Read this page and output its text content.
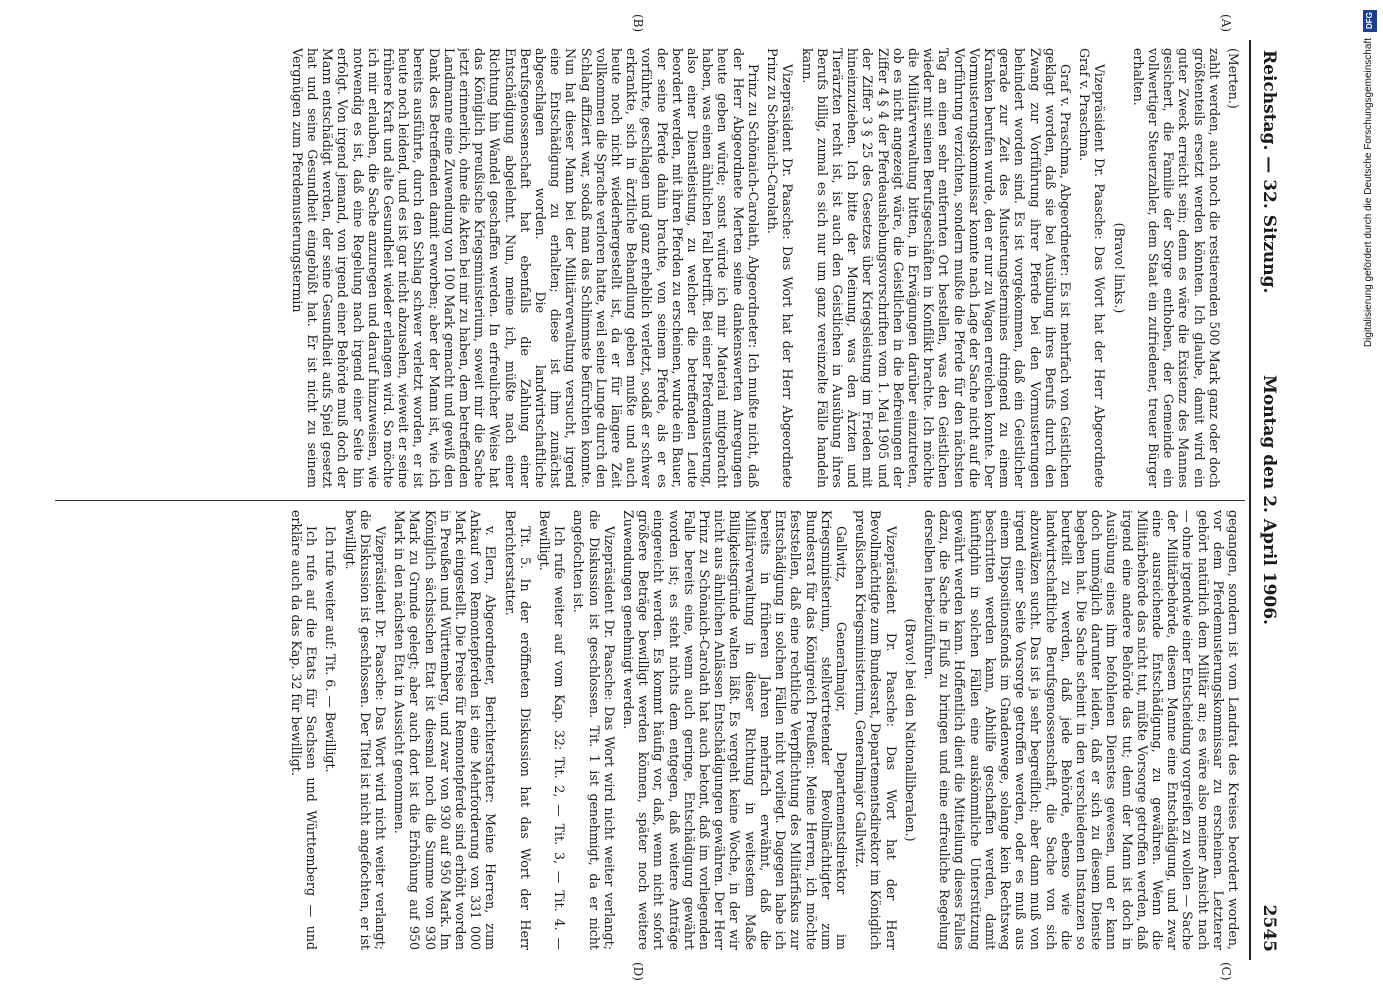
Reichstag. — 32. Sitzung.
Montag den 2. April 1906.
2545

(Merten.)

zahlt werden, auch noch die restierenden 500 Mark ganz oder doch größtenteils ersetzt werden könnten. Ich glaube, damit wird ein guter Zweck erreicht sein; denn es wäre die Existenz des Mannes gesichert, die Familie der Sorge enthoben, der Gemeinde ein vollwertiger Steuerzahler, dem Staat ein zufriedener, treuer Bürger erhalten.

(Bravo! links.)

Vizepräsident Dr. Paasche: Das Wort hat der Herr Abgeordnete Graf v. Praschma.

Graf v. Praschma, Abgeordneter: Es ist mehrfach von Geistlichen geklagt worden, daß sie bei Ausübung ihres Berufs durch den Zwang zur Vorführung ihrer Pferde bei den Vormusterungen behindert worden sind. Es ist vorgekommen, daß ein Geistlicher gerade zur Zeit des Musterungstermines dringend zu einem Kranken berufen wurde, den er nur zu Wagen erreichen konnte. Der Vormusterungskommissar konnte nach Lage der Sache nicht auf die Vorführung verzichten, sondern mußte die Pferde für den nächsten Tag an einen sehr entfernten Ort bestellen, was den Geistlichen wieder mit seinen Berufsgeschäften in Konflikt brachte. Ich möchte die Militärverwaltung bitten, in Erwägungen darüber einzutreten, ob es nicht angezeigt wäre, die Geistlichen in die Befreiungen der Ziffer 4 § 4 der Pferdeaushebungsvorschriften vom 1. Mai 1905 und der Ziffer 3 § 25 des Gesetzes über Kriegsleistung im Frieden mit hineinzuziehen. Ich bitte der Meinung, was den Ärzten und Tierärzten recht ist, ist auch den Geistlichen in Ausübung ihres Berufs billig, zumal es sich nur um ganz vereinzelte Fälle handeln kann.

Vizepräsident Dr. Paasche: Das Wort hat der Herr Abgeordnete Prinz zu Schönaich-Carolath.

Prinz zu Schönaich-Carolath, Abgeordneter: Ich mußte nicht, daß der Herr Abgeordnete Merten seine dankenswerten Anregungen heute geben würde; sonst würde ich mir Material mitgebracht haben, was einen ähnlichen Fall betrifft. Bei einer Pferdemusterung, also einer Dienstleistung, zu welcher die betreffenden Leute beordert werden, mit ihren Pferden zu erscheinen, wurde ein Bauer, der seine Pferde dahin brachte, von seinem Pferde, als er es vorführte, geschlagen und ganz erheblich verletzt, sodaß er schwer erkrankte, sich in ärztliche Behandlung geben mußte und auch heute noch nicht wiederhergestellt ist, da er für längere Zeit vollkommen die Sprache verloren hatte, weil seine Lunge durch den Schlag affiziert war, sodaß man das Schlimmste befürchten konnte. Nun hat dieser Mann bei der Militärverwaltung versucht, irgend eine Entschädigung zu erhalten; diese ist ihm zunächst abgeschlagen worden. Die landwirtschaftliche Berufsgenossenschaft hat ebenfalls die Zahlung einer Entschädigung abgelehnt. Nun, meine ich, müßte nach einer Richtung hin Wandel geschaffen werden. In erfreulicher Weise hat das Königlich preußische Kriegsministerium, soweit mir die Sache jetzt erinnerlich, ohne die Akten bei mir zu haben, dem betreffenden Landmanne eine Zuwendung von 100 Mark gemacht und gewiß den Dank des Betreffenden damit erworben; aber der Mann ist, wie ich bereits ausführte, durch den Schlag schwer verletzt worden, er ist heute noch leidend, und es ist gar nicht abzusehen, wieweit er seine frühere Kraft und alte Gesundheit wieder erlangen wird. So möchte ich mir erlauben, die Sache anzuregen und darauf hinzuweisen, wie notwendig es ist, daß eine Regelung nach irgend einer Seite hin erfolgt. Von irgend jemand, von irgend einer Behörde muß doch der Mann entschädigt werden, der seine Gesundheit aufs Spiel gesetzt hat und seine Gesundheit eingebüßt hat. Er ist nicht zu seinem Vergnügen zum Pferdemusterungstermin

gegangen, sondern ist vom Landrat des Kreises beordert worden, vor dem Pferdemusterungskommissar zu erscheinen. Letzterer gehört natürlich dem Militär an; es wäre also meiner Ansicht nach — ohne irgendwie einer Entscheidung vorgreifen zu wollen — Sache der Militärbehörde, diesem Manne eine Entschädigung, und zwar eine ausreichende Entschädigung, zu gewähren. Wenn die Militärbehörde das nicht tut, müßte Vorsorge getroffen werden, daß irgend eine andere Behörde das tut; denn der Mann ist doch in Ausübung eines ihm befohlenen Dienstes gewesen, und er kann doch unmöglich darunter leiden, daß er sich zu diesem Dienste begeben hat. Die Sache scheint in den verschiedenen Instanzen so beurteilt zu werden, daß jede Behörde, ebenso wie die landwirtschaftliche Berufsgenossenschaft, die Sache von sich abzuwälzen sucht. Das ist ja sehr begreiflich; aber dann muß von irgend einer Seite Vorsorge getroffen werden, oder es muß aus einem Dispositionsfonds im Gnadenwege, solange kein Rechtsweg beschritten werden kann, Abhilfe geschaffen werden, damit künftighin in solchen Fällen eine auskömmliche Unterstützung gewährt werden kann. Hoffentlich dient die Mitteilung dieses Falles dazu, die Sache in Fluß zu bringen und eine erfreuliche Regelung derselben herbeizuführen.

(Bravo! bei den Nationalliberalen.)

Vizepräsident Dr. Paasche: Das Wort hat der Herr Bevollmächtigte zum Bundesrat, Departementsdirektor im Königlich preußischen Kriegsministerium, Generalmajor Gallwitz.

Gallwitz, Generalmajor, Departementsdirektor im Kriegsministerium, stellvertretender Bevollmächtigter zum Bundesrat für das Königreich Preußen: Meine Herren, ich möchte feststellen, daß eine rechtliche Verpflichtung des Militärfiskus zur Entschädigung in solchen Fällen nicht vorliegt. Dagegen habe ich bereits in früheren Jahren mehrfach erwähnt, daß die Militärverwaltung in dieser Richtung in weitestem Maße Billigkeitsgründe walten läßt. Es vergeht keine Woche, in der wir nicht aus ähnlichen Anlässen Entschädigungen gewähren. Der Herr Prinz zu Schönaich-Carolath hat auch betont, daß im vorliegenden Falle bereits eine, wenn auch geringe, Entschädigung gewährt worden ist; es steht nichts dem entgegen, daß weitere Anträge eingereicht werden. Es kommt häufig vor, daß, wenn nicht sofort größere Beträge bewilligt werden können, später noch weitere Zuwendungen genehmigt werden.

Vizepräsident Dr. Paasche: Das Wort wird nicht weiter verlangt; die Diskussion ist geschlossen. Tit. 1 ist genehmigt, da er nicht angefochten ist.

Ich rufe weiter auf vom Kap. 32: Tit. 2, — Tit. 3, — Tit. 4. — Bewilligt.

Tit. 5. In der eröffneten Diskussion hat das Wort der Herr Berichterstatter.

v. Elern, Abgeordneter, Berichterstatter: Meine Herren, zum Ankauf von Remontepferden ist eine Mehrforderung von 331 000 Mark eingestellt. Die Preise für Remontepferde sind erhöht worden in Preußen und Württemberg, und zwar von 930 auf 950 Mark. Im Königlich sächsischen Etat ist diesmal noch die Summe von 930 Mark zu Grunde gelegt; aber auch dort ist die Erhöhung auf 950 Mark in den nächsten Etat in Aussicht genommen.

Vizepräsident Dr. Paasche: Das Wort wird nicht weiter verlangt; die Diskussion ist geschlossen. Der Titel ist nicht angefochten, er ist bewilligt.

Ich rufe weiter auf: Tit. 6. — Bewilligt.

Ich rufe auf die Etats für Sachsen und Württemberg — und erkläre auch da das Kap. 32 für bewilligt.

(A)
(B)
(C)
(D)
DFG
Digitalisierung gefördert durch die Deutsche Forschungsgemeinschaft
